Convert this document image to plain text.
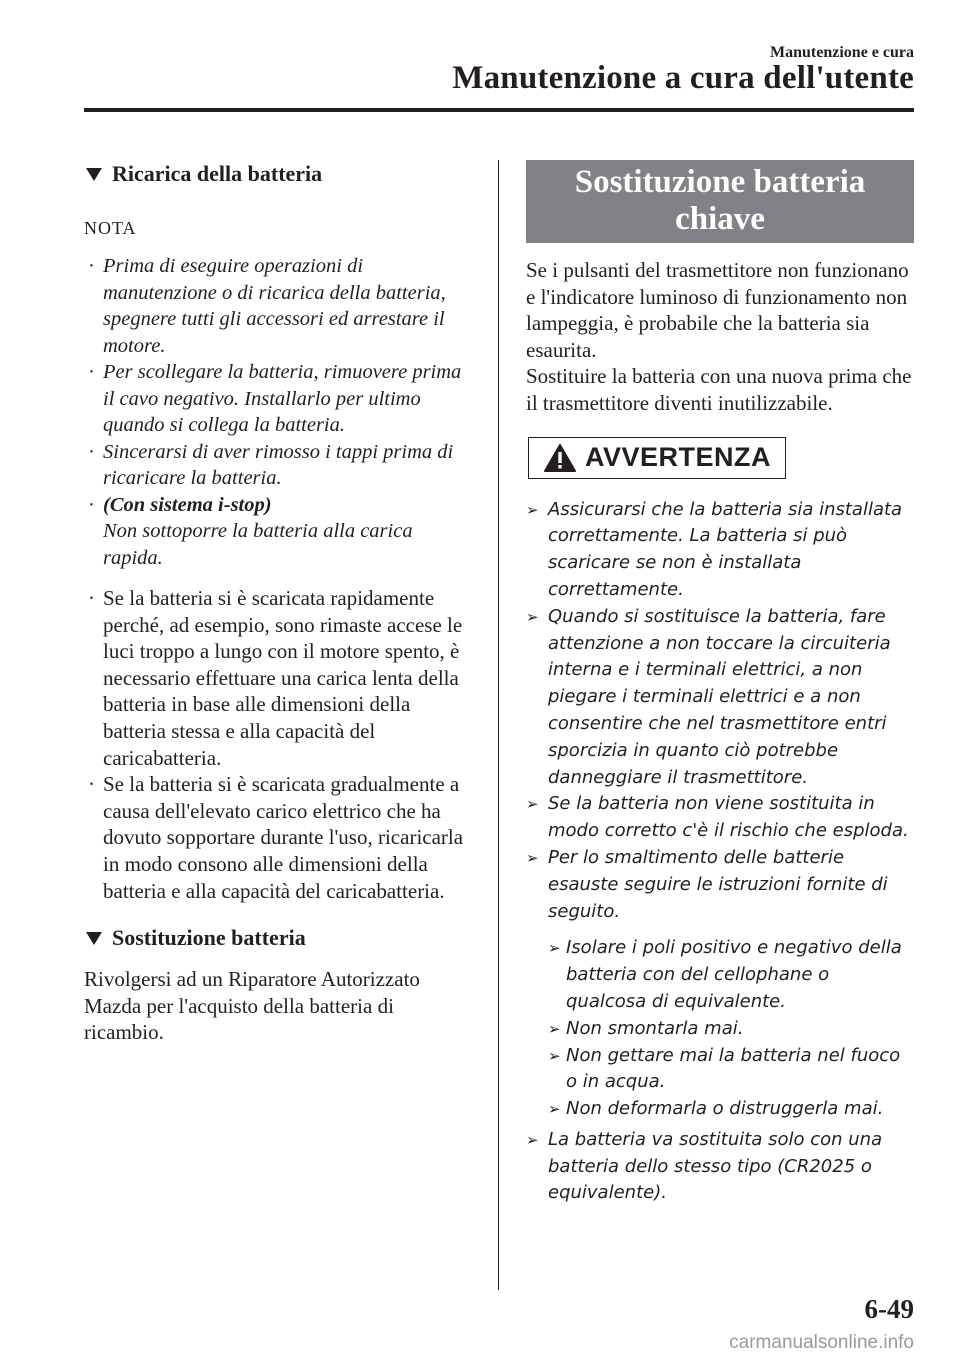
Manutenzione e cura
Manutenzione a cura dell'utente
Ricarica della batteria
NOTA
· Prima di eseguire operazioni di manutenzione o di ricarica della batteria, spegnere tutti gli accessori ed arrestare il motore.
· Per scollegare la batteria, rimuovere prima il cavo negativo. Installarlo per ultimo quando si collega la batteria.
· Sincerarsi di aver rimosso i tappi prima di ricaricare la batteria.
· (Con sistema i-stop)
Non sottoporre la batteria alla carica rapida.
· Se la batteria si è scaricata rapidamente perché, ad esempio, sono rimaste accese le luci troppo a lungo con il motore spento, è necessario effettuare una carica lenta della batteria in base alle dimensioni della batteria stessa e alla capacità del caricabatteria.
· Se la batteria si è scaricata gradualmente a causa dell'elevato carico elettrico che ha dovuto sopportare durante l'uso, ricaricarla in modo consono alle dimensioni della batteria e alla capacità del caricabatteria.
Sostituzione batteria
Rivolgersi ad un Riparatore Autorizzato Mazda per l'acquisto della batteria di ricambio.
Sostituzione batteria
chiave
Se i pulsanti del trasmettitore non funzionano e l'indicatore luminoso di funzionamento non lampeggia, è probabile che la batteria sia esaurita.
Sostituire la batteria con una nuova prima che il trasmettitore diventi inutilizzabile.
AVVERTENZA
➢ Assicurarsi che la batteria sia installata correttamente. La batteria si può scaricare se non è installata correttamente.
➢ Quando si sostituisce la batteria, fare attenzione a non toccare la circuiteria interna e i terminali elettrici, a non piegare i terminali elettrici e a non consentire che nel trasmettitore entri sporcizia in quanto ciò potrebbe danneggiare il trasmettitore.
➢ Se la batteria non viene sostituita in modo corretto c'è il rischio che esploda.
➢ Per lo smaltimento delle batterie esauste seguire le istruzioni fornite di seguito.
➢ Isolare i poli positivo e negativo della batteria con del cellophane o qualcosa di equivalente.
➢ Non smontarla mai.
➢ Non gettare mai la batteria nel fuoco o in acqua.
➢ Non deformarla o distruggerla mai.
➢ La batteria va sostituita solo con una batteria dello stesso tipo (CR2025 o equivalente).
6-49
carmanualsonline.info
